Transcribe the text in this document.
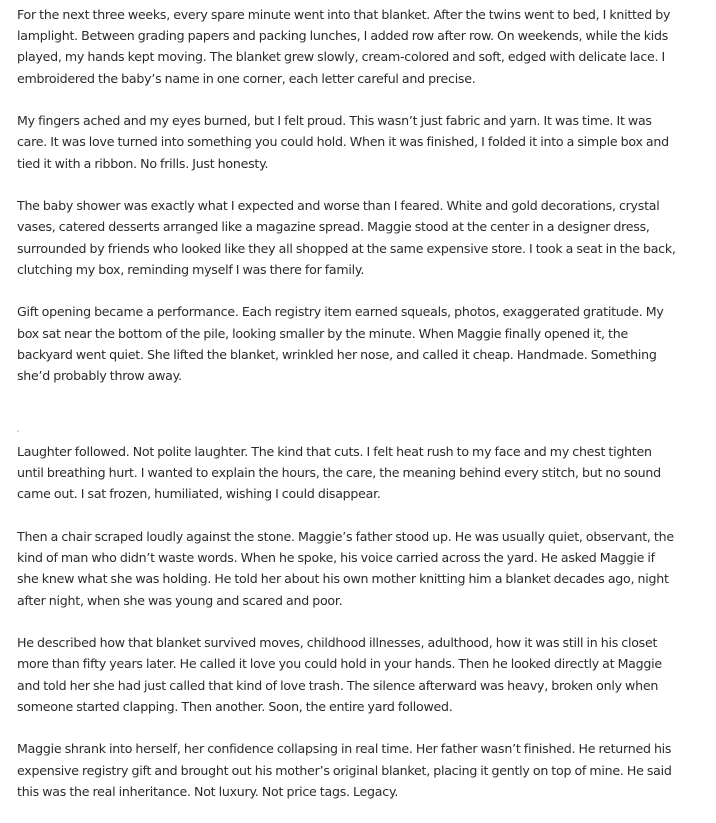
For the next three weeks, every spare minute went into that blanket. After the twins went to bed, I knitted by lamplight. Between grading papers and packing lunches, I added row after row. On weekends, while the kids played, my hands kept moving. The blanket grew slowly, cream-colored and soft, edged with delicate lace. I embroidered the baby’s name in one corner, each letter careful and precise.

My fingers ached and my eyes burned, but I felt proud. This wasn’t just fabric and yarn. It was time. It was care. It was love turned into something you could hold. When it was finished, I folded it into a simple box and tied it with a ribbon. No frills. Just honesty.

The baby shower was exactly what I expected and worse than I feared. White and gold decorations, crystal vases, catered desserts arranged like a magazine spread. Maggie stood at the center in a designer dress, surrounded by friends who looked like they all shopped at the same expensive store. I took a seat in the back, clutching my box, reminding myself I was there for family.

Gift opening became a performance. Each registry item earned squeals, photos, exaggerated gratitude. My box sat near the bottom of the pile, looking smaller by the minute. When Maggie finally opened it, the backyard went quiet. She lifted the blanket, wrinkled her nose, and called it cheap. Handmade. Something she’d probably throw away.

Laughter followed. Not polite laughter. The kind that cuts. I felt heat rush to my face and my chest tighten until breathing hurt. I wanted to explain the hours, the care, the meaning behind every stitch, but no sound came out. I sat frozen, humiliated, wishing I could disappear.

Then a chair scraped loudly against the stone. Maggie’s father stood up. He was usually quiet, observant, the kind of man who didn’t waste words. When he spoke, his voice carried across the yard. He asked Maggie if she knew what she was holding. He told her about his own mother knitting him a blanket decades ago, night after night, when she was young and scared and poor.

He described how that blanket survived moves, childhood illnesses, adulthood, how it was still in his closet more than fifty years later. He called it love you could hold in your hands. Then he looked directly at Maggie and told her she had just called that kind of love trash. The silence afterward was heavy, broken only when someone started clapping. Then another. Soon, the entire yard followed.

Maggie shrank into herself, her confidence collapsing in real time. Her father wasn’t finished. He returned his expensive registry gift and brought out his mother’s original blanket, placing it gently on top of mine. He said this was the real inheritance. Not luxury. Not price tags. Legacy.
